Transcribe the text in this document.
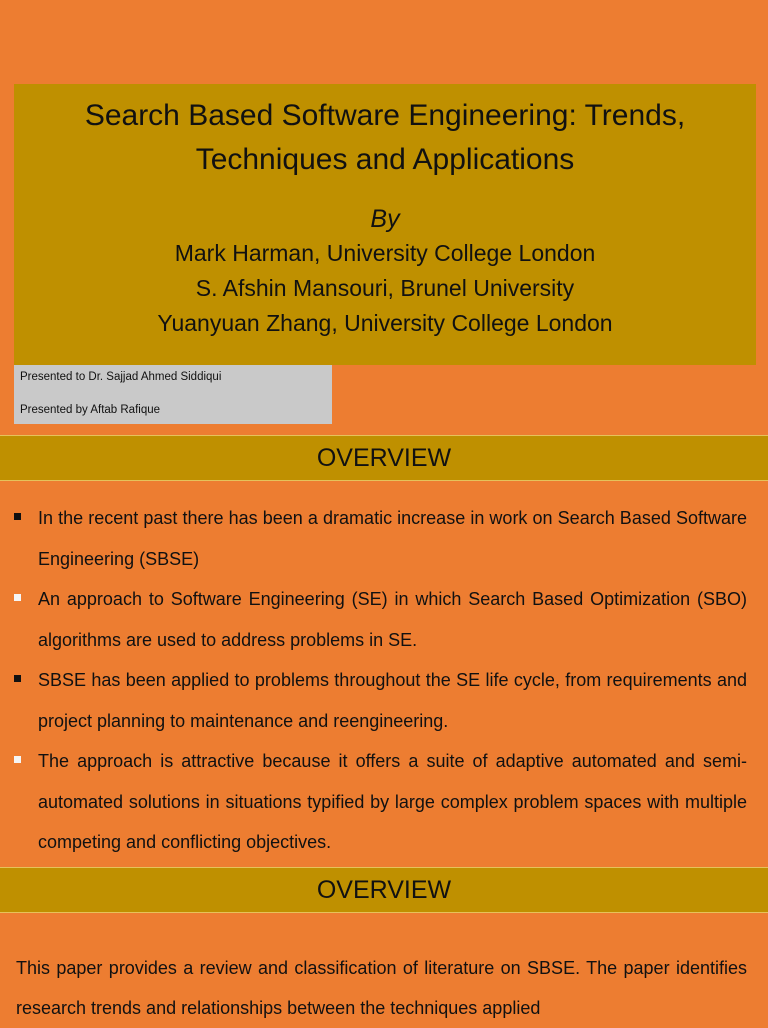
Search Based Software Engineering: Trends,
Techniques and Applications
By
Mark Harman, University College London
S. Afshin Mansouri, Brunel University
Yuanyuan Zhang, University College London
Presented to Dr. Sajjad Ahmed Siddiqui
Presented by Aftab Rafique
OVERVIEW
In the recent past there has been a dramatic increase in work on Search Based Software Engineering (SBSE)
An approach to Software Engineering (SE) in which Search Based Optimization (SBO) algorithms are used to address problems in SE.
SBSE has been applied to problems throughout the SE life cycle, from requirements and project planning to maintenance and reengineering.
The approach is attractive because it offers a suite of adaptive automated and semi-automated solutions in situations typified by large complex problem spaces with multiple competing and conflicting objectives.
OVERVIEW

This paper provides a review and classification of literature on SBSE. The paper identifies research trends and relationships between the techniques applied
